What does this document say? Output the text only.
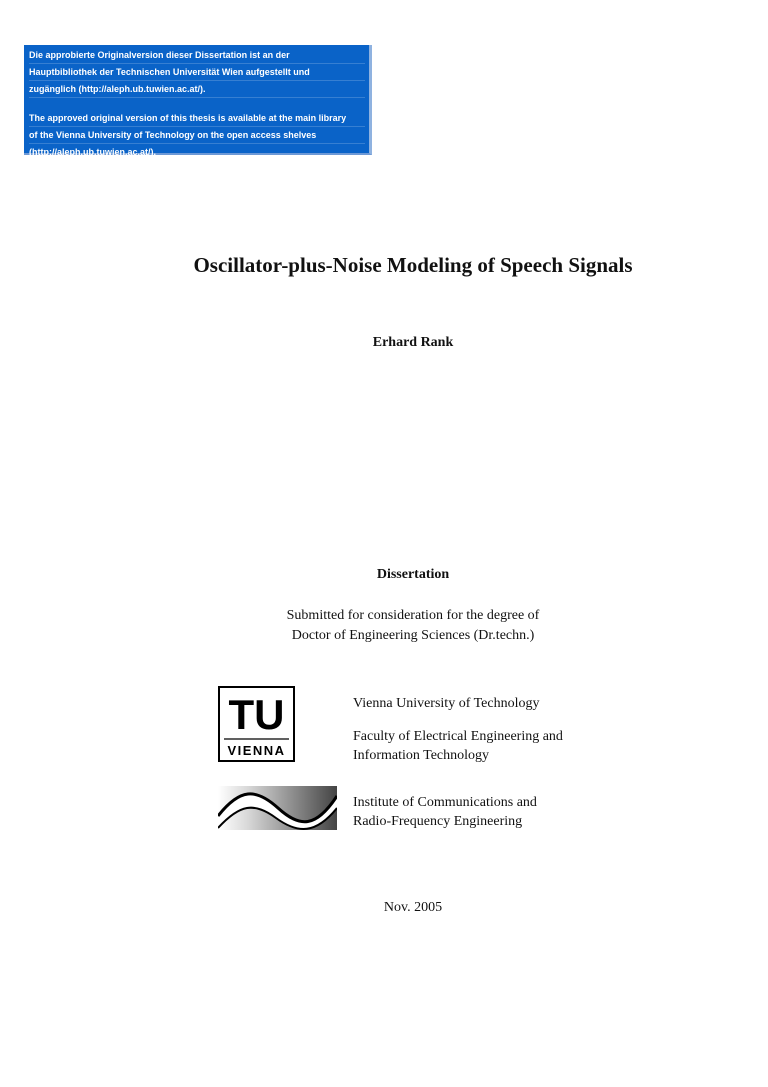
Die approbierte Originalversion dieser Dissertation ist an der
Hauptbibliothek der Technischen Universität Wien aufgestellt und
zugänglich (http://aleph.ub.tuwien.ac.at/).
The approved original version of this thesis is available at the main library
of the Vienna University of Technology on the open access shelves
(http://aleph.ub.tuwien.ac.at/).
Oscillator-plus-Noise Modeling of Speech Signals
Erhard Rank
Dissertation
Submitted for consideration for the degree of
Doctor of Engineering Sciences (Dr.techn.)
TU
VIENNA
Vienna University of Technology
Faculty of Electrical Engineering and
Information Technology
Institute of Communications and
Radio-Frequency Engineering
Nov. 2005
